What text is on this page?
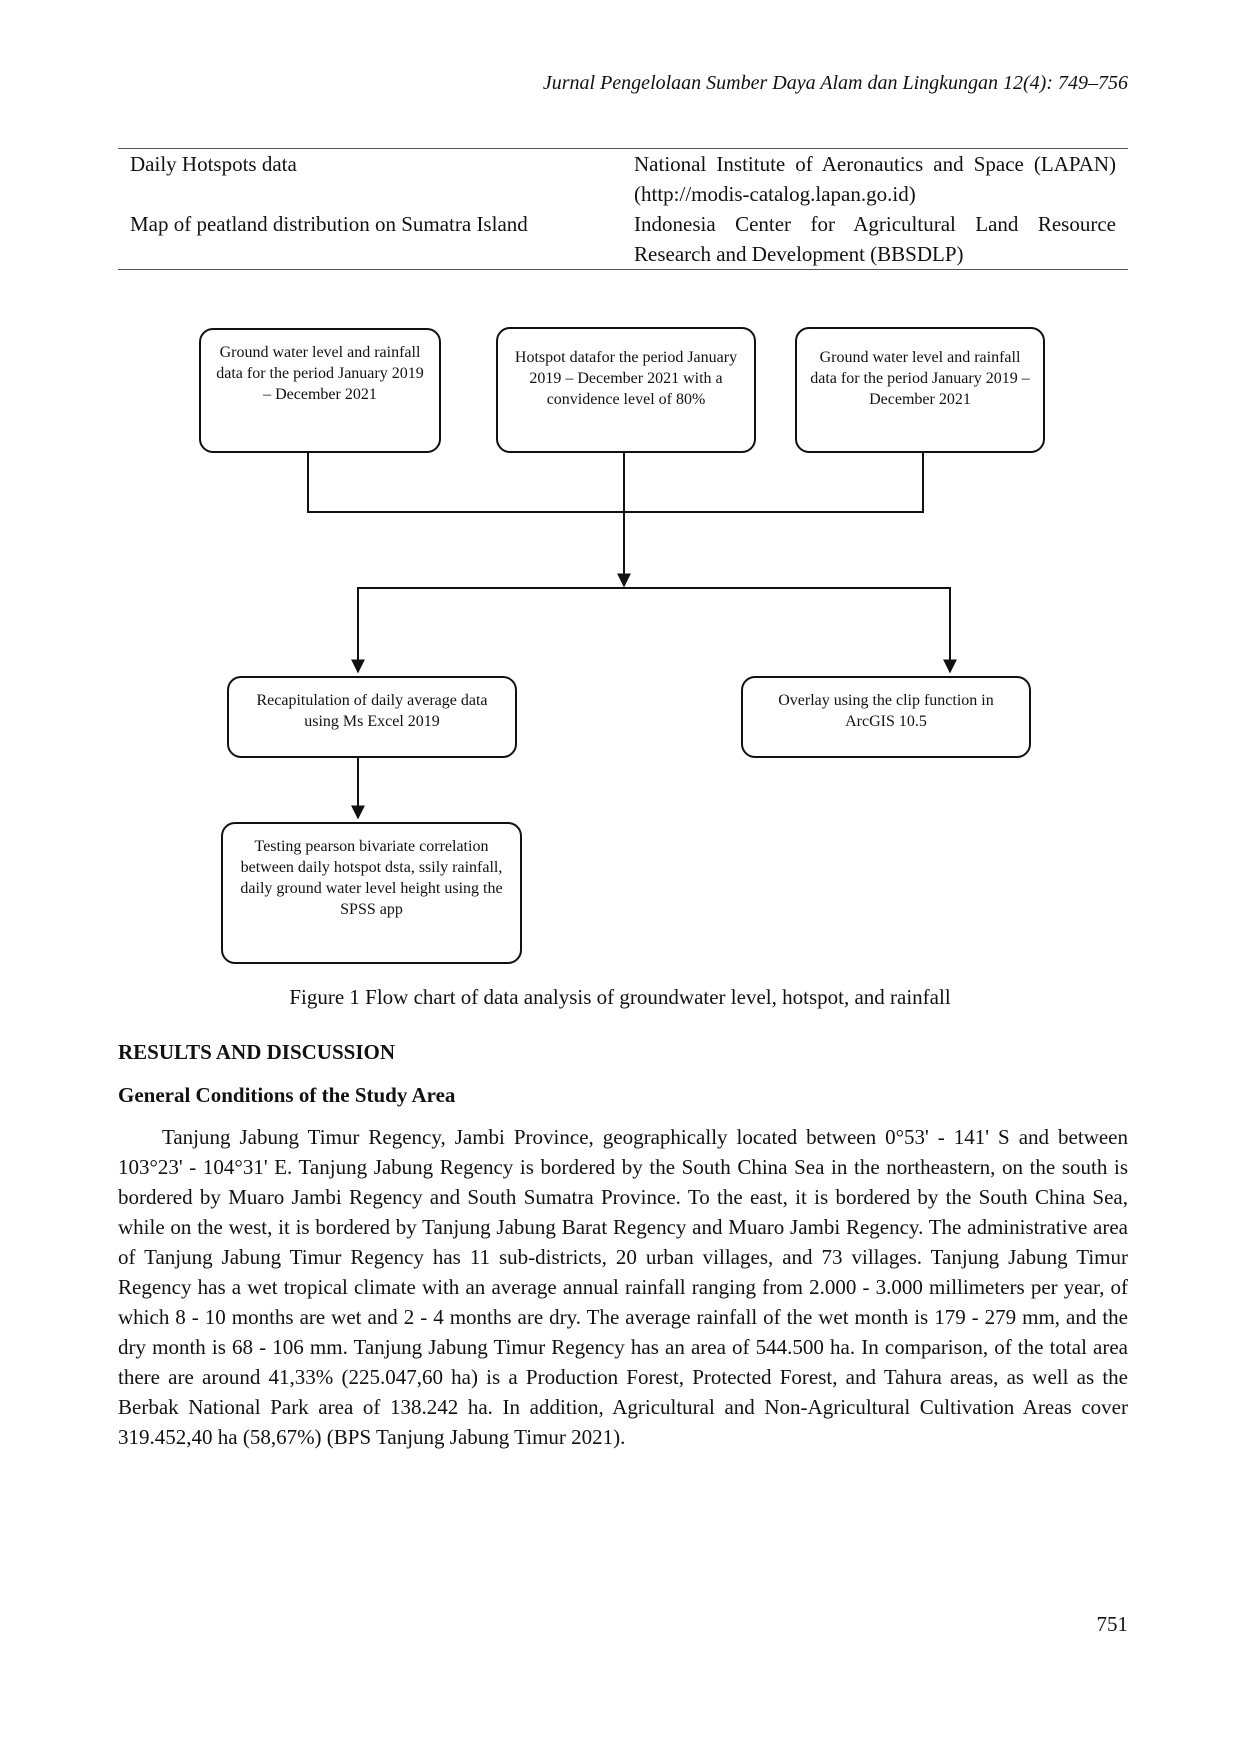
Jurnal Pengelolaan Sumber Daya Alam dan Lingkungan 12(4): 749–756
Daily Hotspots data	National Institute of Aeronautics and Space (LAPAN) (http://modis-catalog.lapan.go.id)
Map of peatland distribution on Sumatra Island	Indonesia Center for Agricultural Land Resource Research and Development (BBSDLP)
Ground water level and rainfall data for the period January 2019 – December 2021
Hotspot datafor the period January 2019 – December 2021 with a convidence level of 80%
Ground water level and rainfall data for the period January 2019 – December 2021
Recapitulation of daily average data using Ms Excel 2019
Overlay using the clip function in ArcGIS 10.5
Testing pearson bivariate correlation between daily hotspot dsta, ssily rainfall, daily ground water level height using the SPSS app
Figure 1 Flow chart of data analysis of groundwater level, hotspot, and rainfall
RESULTS AND DISCUSSION
General Conditions of the Study Area

Tanjung Jabung Timur Regency, Jambi Province, geographically located between 0°53' - 141' S and between 103°23' - 104°31' E. Tanjung Jabung Regency is bordered by the South China Sea in the northeastern, on the south is bordered by Muaro Jambi Regency and South Sumatra Province. To the east, it is bordered by the South China Sea, while on the west, it is bordered by Tanjung Jabung Barat Regency and Muaro Jambi Regency. The administrative area of Tanjung Jabung Timur Regency has 11 sub-districts, 20 urban villages, and 73 villages. Tanjung Jabung Timur Regency has a wet tropical climate with an average annual rainfall ranging from 2.000 - 3.000 millimeters per year, of which 8 - 10 months are wet and 2 - 4 months are dry. The average rainfall of the wet month is 179 - 279 mm, and the dry month is 68 - 106 mm. Tanjung Jabung Timur Regency has an area of 544.500 ha. In comparison, of the total area there are around 41,33% (225.047,60 ha) is a Production Forest, Protected Forest, and Tahura areas, as well as the Berbak National Park area of 138.242 ha. In addition, Agricultural and Non-Agricultural Cultivation Areas cover 319.452,40 ha (58,67%) (BPS Tanjung Jabung Timur 2021).

751
